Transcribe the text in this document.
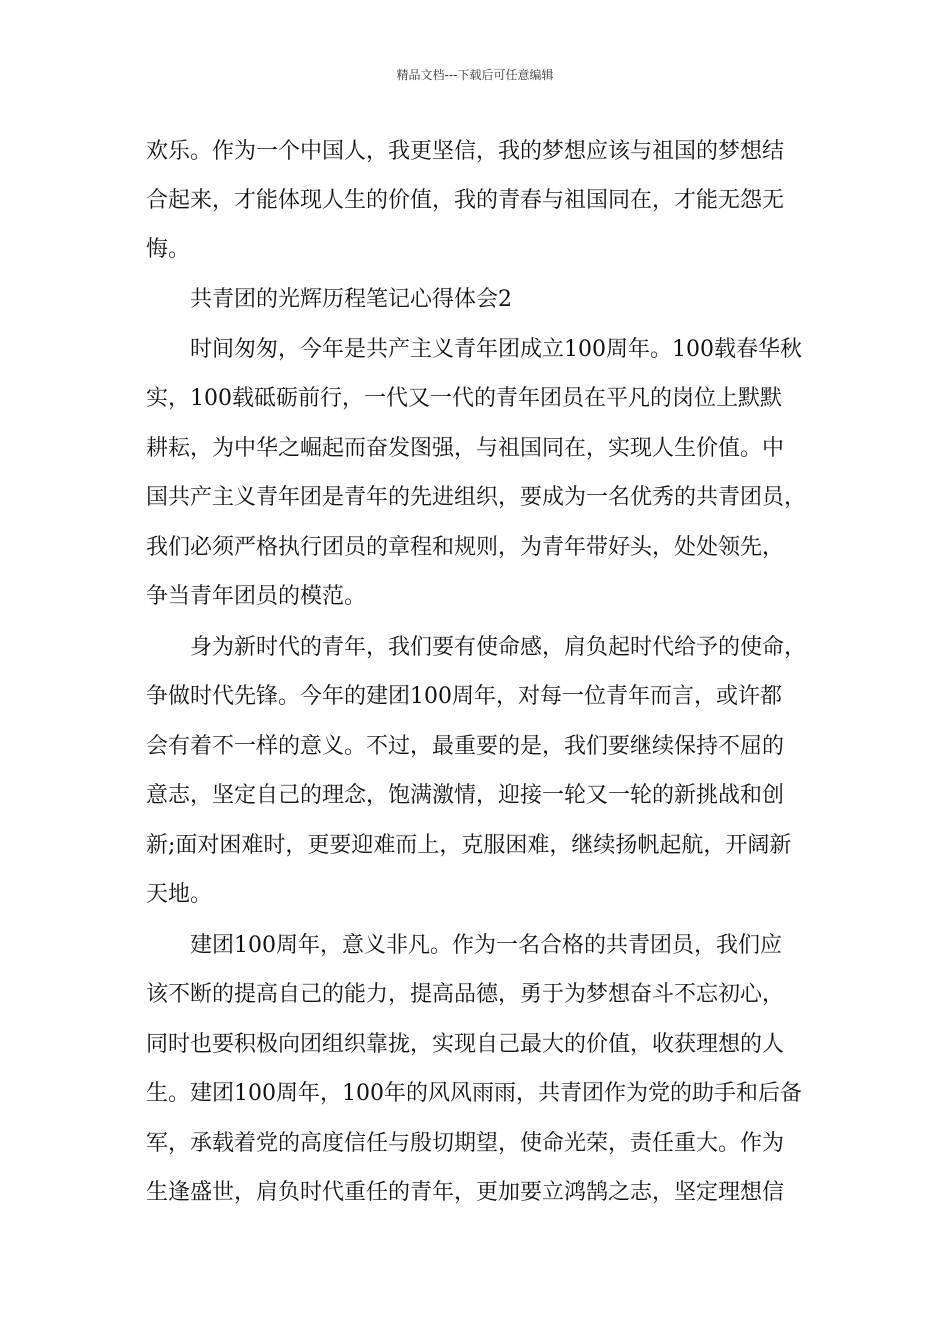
精品文档---下载后可任意编辑
欢乐。作为一个中国人，我更坚信，我的梦想应该与祖国的梦想结
合起来，才能体现人生的价值，我的青春与祖国同在，才能无怨无
悔。
共青团的光辉历程笔记心得体会2
时间匆匆，今年是共产主义青年团成立100周年。100载春华秋
实，100载砥砺前行，一代又一代的青年团员在平凡的岗位上默默
耕耘，为中华之崛起而奋发图强，与祖国同在，实现人生价值。中
国共产主义青年团是青年的先进组织，要成为一名优秀的共青团员，
我们必须严格执行团员的章程和规则，为青年带好头，处处领先，
争当青年团员的模范。
身为新时代的青年，我们要有使命感，肩负起时代给予的使命，
争做时代先锋。今年的建团100周年，对每一位青年而言，或许都
会有着不一样的意义。不过，最重要的是，我们要继续保持不屈的
意志，坚定自己的理念，饱满激情，迎接一轮又一轮的新挑战和创
新;面对困难时，更要迎难而上，克服困难，继续扬帆起航，开阔新
天地。
建团100周年，意义非凡。作为一名合格的共青团员，我们应
该不断的提高自己的能力，提高品德，勇于为梦想奋斗不忘初心，
同时也要积极向团组织靠拢，实现自己最大的价值，收获理想的人
生。建团100周年，100年的风风雨雨，共青团作为党的助手和后备
军，承载着党的高度信任与殷切期望，使命光荣，责任重大。作为
生逢盛世，肩负时代重任的青年，更加要立鸿鹄之志，坚定理想信
